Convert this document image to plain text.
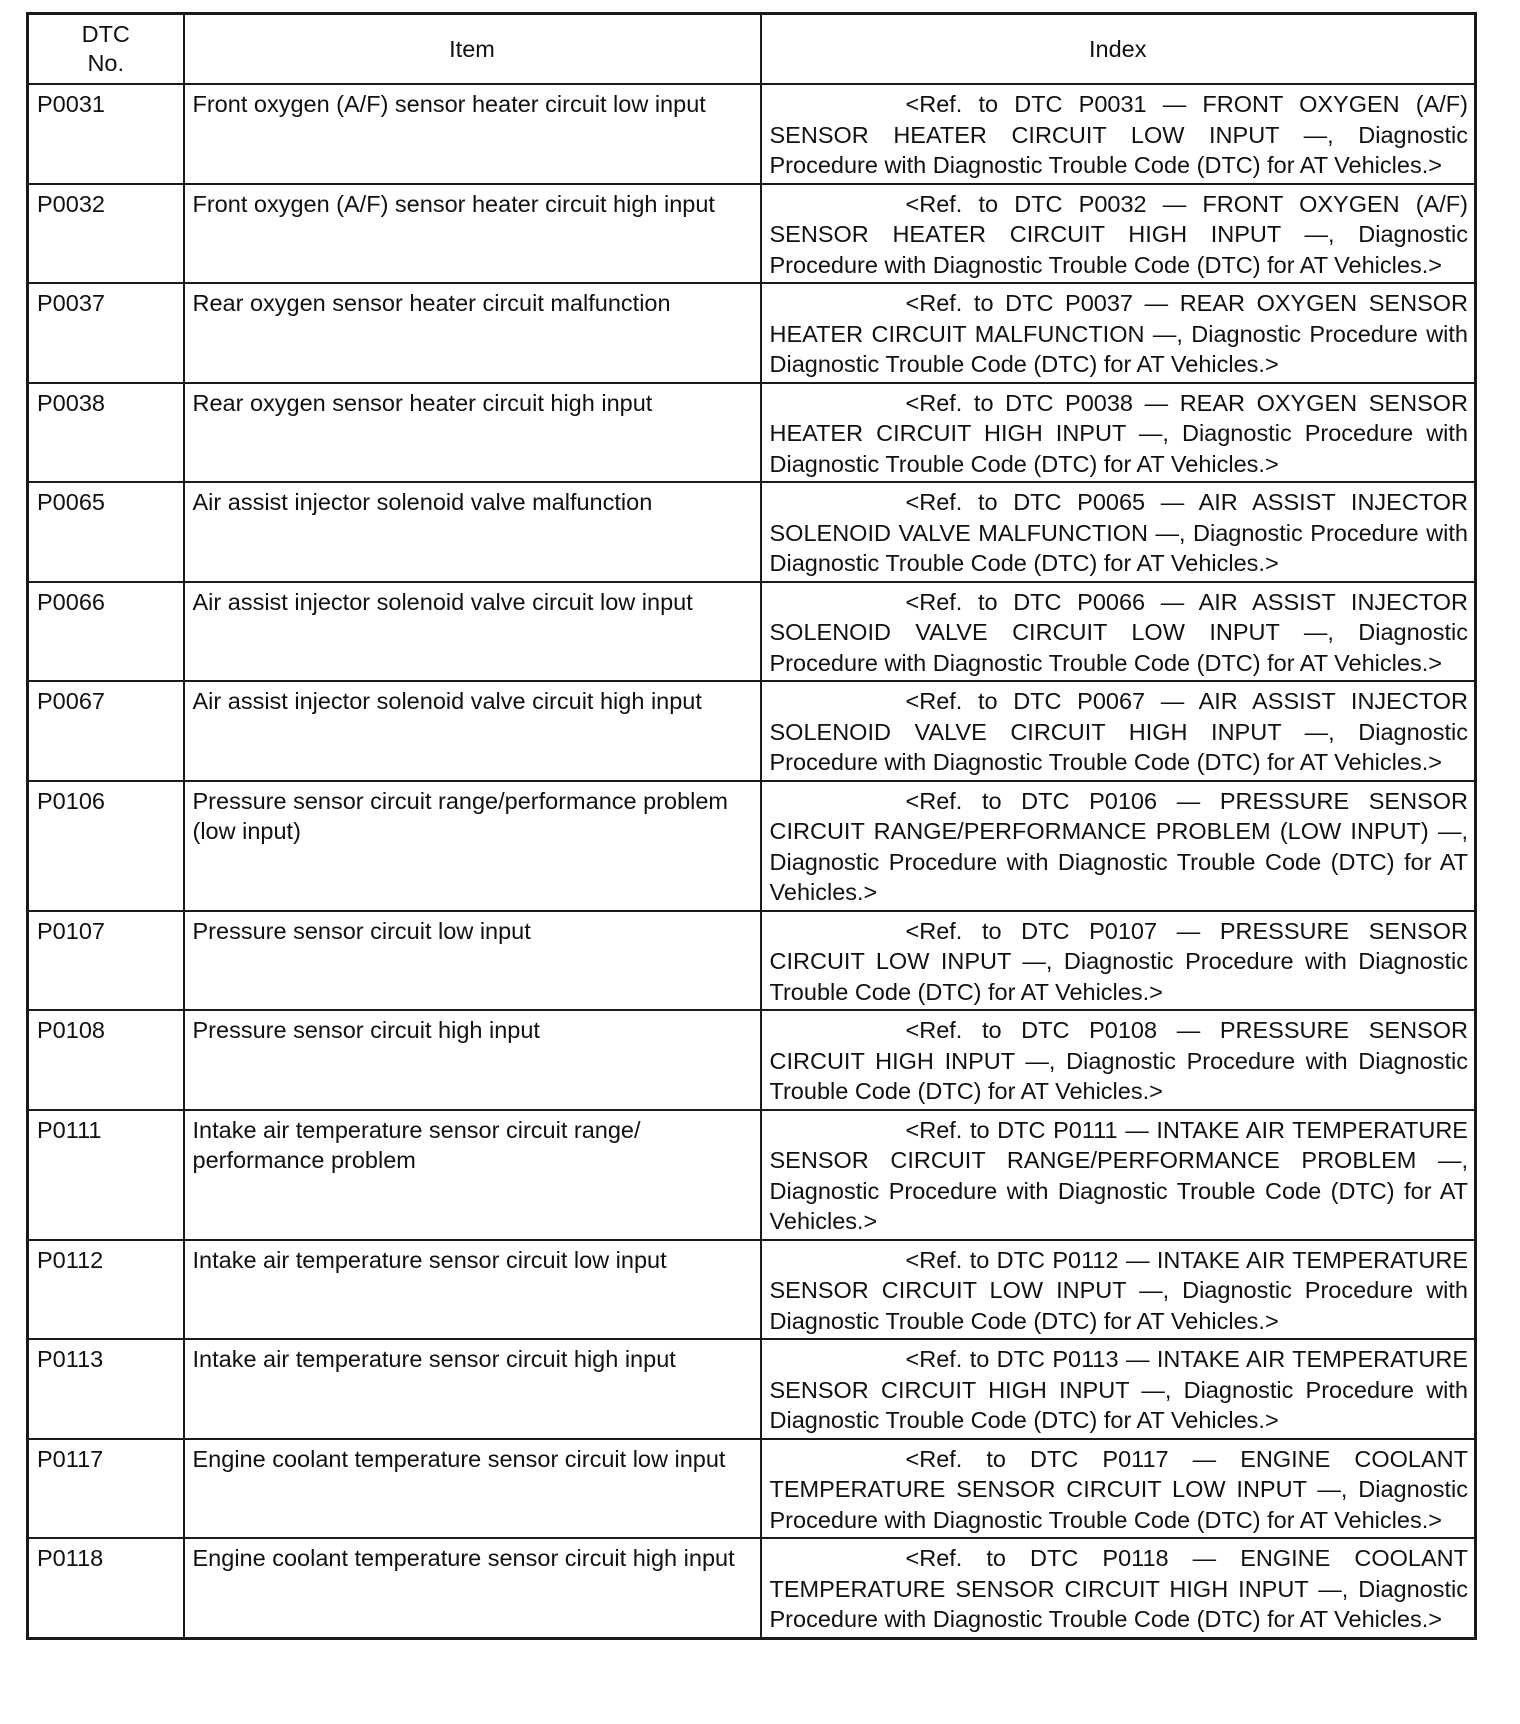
DTC
No.	Item	Index
P0031	Front oxygen (A/F) sensor heater circuit low input	<Ref. to DTC P0031 — FRONT OXYGEN (A/F) SENSOR HEATER CIRCUIT LOW INPUT —, Diagnostic Procedure with Diagnostic Trouble Code (DTC) for AT Vehicles.>
P0032	Front oxygen (A/F) sensor heater circuit high input	<Ref. to DTC P0032 — FRONT OXYGEN (A/F) SENSOR HEATER CIRCUIT HIGH INPUT —, Diagnostic Procedure with Diagnostic Trouble Code (DTC) for AT Vehicles.>
P0037	Rear oxygen sensor heater circuit malfunction	<Ref. to DTC P0037 — REAR OXYGEN SENSOR HEATER CIRCUIT MALFUNCTION —, Diagnostic Procedure with Diagnostic Trouble Code (DTC) for AT Vehicles.>
P0038	Rear oxygen sensor heater circuit high input	<Ref. to DTC P0038 — REAR OXYGEN SENSOR HEATER CIRCUIT HIGH INPUT —, Diagnostic Procedure with Diagnostic Trouble Code (DTC) for AT Vehicles.>
P0065	Air assist injector solenoid valve malfunction	<Ref. to DTC P0065 — AIR ASSIST INJECTOR SOLENOID VALVE MALFUNCTION —, Diagnostic Procedure with Diagnostic Trouble Code (DTC) for AT Vehicles.>
P0066	Air assist injector solenoid valve circuit low input	<Ref. to DTC P0066 — AIR ASSIST INJECTOR SOLENOID VALVE CIRCUIT LOW INPUT —, Diagnostic Procedure with Diagnostic Trouble Code (DTC) for AT Vehicles.>
P0067	Air assist injector solenoid valve circuit high input	<Ref. to DTC P0067 — AIR ASSIST INJECTOR SOLENOID VALVE CIRCUIT HIGH INPUT —, Diagnostic Procedure with Diagnostic Trouble Code (DTC) for AT Vehicles.>
P0106	Pressure sensor circuit range/performance problem (low input)	<Ref. to DTC P0106 — PRESSURE SENSOR CIRCUIT RANGE/PERFORMANCE PROBLEM (LOW INPUT) —, Diagnostic Procedure with Diagnostic Trouble Code (DTC) for AT Vehicles.>
P0107	Pressure sensor circuit low input	<Ref. to DTC P0107 — PRESSURE SENSOR CIRCUIT LOW INPUT —, Diagnostic Procedure with Diagnostic Trouble Code (DTC) for AT Vehicles.>
P0108	Pressure sensor circuit high input	<Ref. to DTC P0108 — PRESSURE SENSOR CIRCUIT HIGH INPUT —, Diagnostic Procedure with Diagnostic Trouble Code (DTC) for AT Vehicles.>
P0111	Intake air temperature sensor circuit range/ performance problem	<Ref. to DTC P0111 — INTAKE AIR TEMPERATURE SENSOR CIRCUIT RANGE/PERFORMANCE PROBLEM —, Diagnostic Procedure with Diagnostic Trouble Code (DTC) for AT Vehicles.>
P0112	Intake air temperature sensor circuit low input	<Ref. to DTC P0112 — INTAKE AIR TEMPERATURE SENSOR CIRCUIT LOW INPUT —, Diagnostic Procedure with Diagnostic Trouble Code (DTC) for AT Vehicles.>
P0113	Intake air temperature sensor circuit high input	<Ref. to DTC P0113 — INTAKE AIR TEMPERATURE SENSOR CIRCUIT HIGH INPUT —, Diagnostic Procedure with Diagnostic Trouble Code (DTC) for AT Vehicles.>
P0117	Engine coolant temperature sensor circuit low input	<Ref. to DTC P0117 — ENGINE COOLANT TEMPERATURE SENSOR CIRCUIT LOW INPUT —, Diagnostic Procedure with Diagnostic Trouble Code (DTC) for AT Vehicles.>
P0118	Engine coolant temperature sensor circuit high input	<Ref. to DTC P0118 — ENGINE COOLANT TEMPERATURE SENSOR CIRCUIT HIGH INPUT —, Diagnostic Procedure with Diagnostic Trouble Code (DTC) for AT Vehicles.>
